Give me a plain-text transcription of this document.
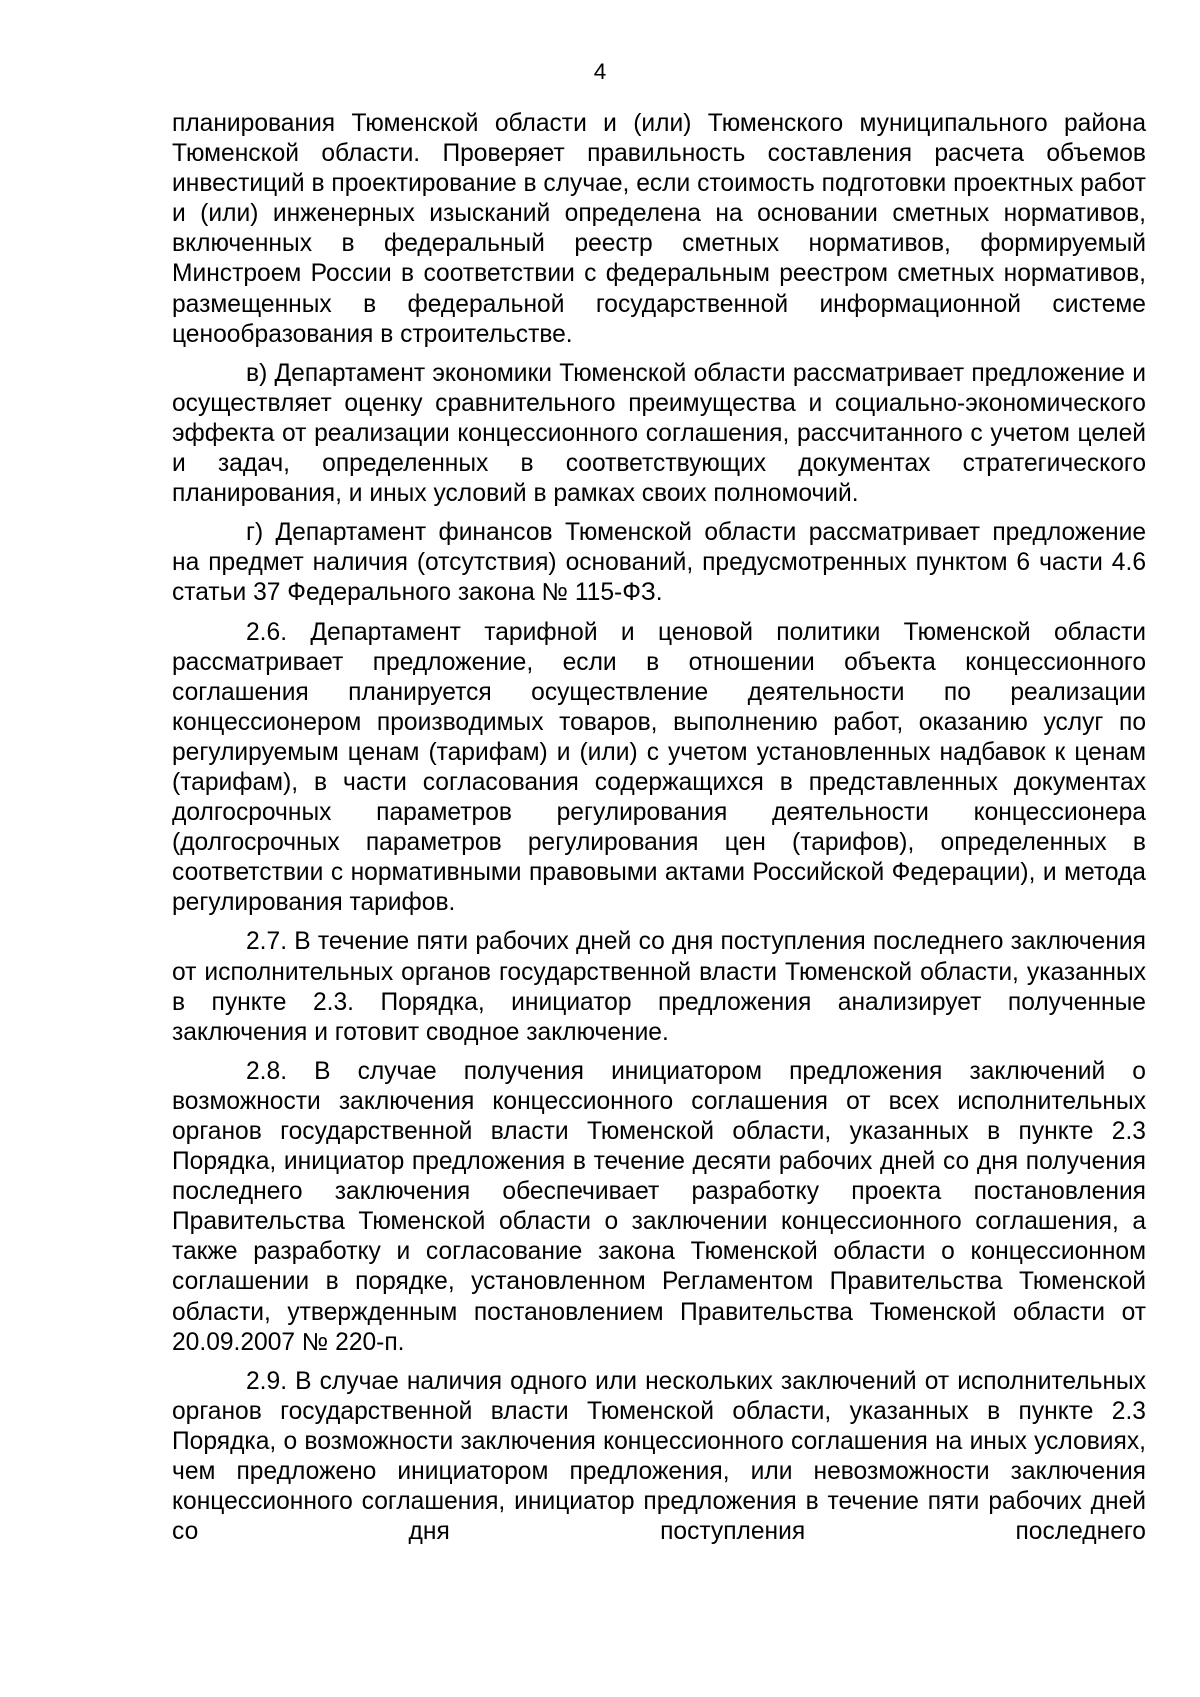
4

планирования Тюменской области и (или) Тюменского муниципального района Тюменской области. Проверяет правильность составления расчета объемов инвестиций в проектирование в случае, если стоимость подготовки проектных работ и (или) инженерных изысканий определена на основании сметных нормативов, включенных в федеральный реестр сметных нормативов, формируемый Минстроем России в соответствии с федеральным реестром сметных нормативов, размещенных в федеральной государственной информационной системе ценообразования в строительстве.

в) Департамент экономики Тюменской области рассматривает предложение и осуществляет оценку сравнительного преимущества и социально-экономического эффекта от реализации концессионного соглашения, рассчитанного с учетом целей и задач, определенных в соответствующих документах стратегического планирования, и иных условий в рамках своих полномочий.

г) Департамент финансов Тюменской области рассматривает предложение на предмет наличия (отсутствия) оснований, предусмотренных пунктом 6 части 4.6 статьи 37 Федерального закона № 115-ФЗ.

2.6. Департамент тарифной и ценовой политики Тюменской области рассматривает предложение, если в отношении объекта концессионного соглашения планируется осуществление деятельности по реализации концессионером производимых товаров, выполнению работ, оказанию услуг по регулируемым ценам (тарифам) и (или) с учетом установленных надбавок к ценам (тарифам), в части согласования содержащихся в представленных документах долгосрочных параметров регулирования деятельности концессионера (долгосрочных параметров регулирования цен (тарифов), определенных в соответствии с нормативными правовыми актами Российской Федерации), и метода регулирования тарифов.

2.7. В течение пяти рабочих дней со дня поступления последнего заключения от исполнительных органов государственной власти Тюменской области, указанных в пункте 2.3. Порядка, инициатор предложения анализирует полученные заключения и готовит сводное заключение.

2.8. В случае получения инициатором предложения заключений о возможности заключения концессионного соглашения от всех исполнительных органов государственной власти Тюменской области, указанных в пункте 2.3 Порядка, инициатор предложения в течение десяти рабочих дней со дня получения последнего заключения обеспечивает разработку проекта постановления Правительства Тюменской области о заключении концессионного соглашения, а также разработку и согласование закона Тюменской области о концессионном соглашении в порядке, установленном Регламентом Правительства Тюменской области, утвержденным постановлением Правительства Тюменской области от 20.09.2007 № 220-п.

2.9. В случае наличия одного или нескольких заключений от исполнительных органов государственной власти Тюменской области, указанных в пункте 2.3 Порядка, о возможности заключения концессионного соглашения на иных условиях, чем предложено инициатором предложения, или невозможности заключения концессионного соглашения, инициатор предложения в течение пяти рабочих дней со дня поступления последнего
